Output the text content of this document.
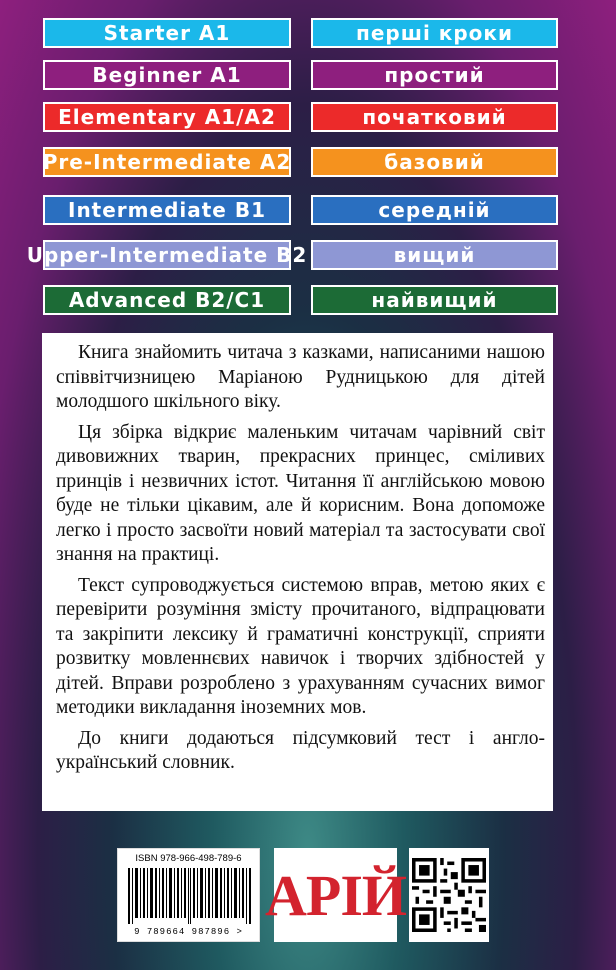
Starter A1	перші кроки
Beginner A1	простий
Elementary A1/A2	початковий
Pre-Intermediate A2	базовий
Intermediate B1	середній
Upper-Intermediate B2	вищий
Advanced B2/C1	найвищий

Книга знайомить читача з казками, написаними нашою співвітчизницею Маріаною Рудницькою для дітей молодшого шкільного віку.

Ця збірка відкриє маленьким читачам чарівний світ дивовижних тварин, прекрасних принцес, сміливих принців і незвичних істот. Читання її англійською мовою буде не тільки цікавим, але й корисним. Вона допоможе легко і просто засвоїти новий матеріал та застосувати свої знання на практиці.

Текст супроводжується системою вправ, метою яких є перевірити розуміння змісту прочитаного, відпрацювати та закріпити лексику й граматичні конструкції, сприяти розвитку мовленнєвих навичок і творчих здібностей у дітей. Вправи розроблено з урахуванням сучасних вимог методики викладання іноземних мов.

До книги додаються підсумковий тест і англо-український словник.

ISBN 978-966-498-789-6
9 789664 987896 >
АРІЙ
